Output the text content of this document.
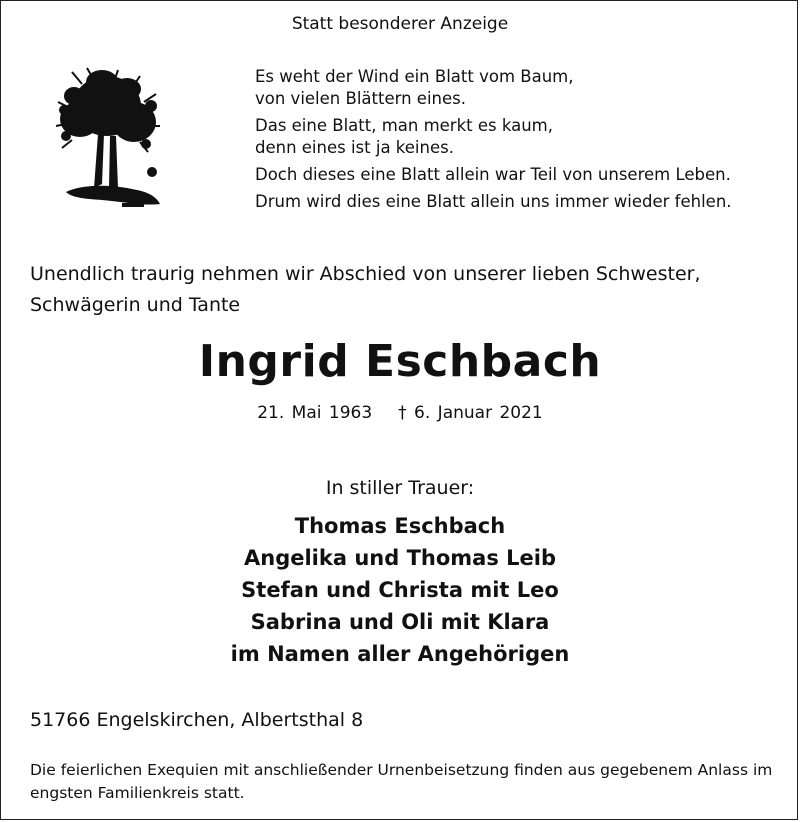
Statt besonderer Anzeige
Es weht der Wind ein Blatt vom Baum,
von vielen Blättern eines.
Das eine Blatt, man merkt es kaum,
denn eines ist ja keines.
Doch dieses eine Blatt allein war Teil von unserem Leben.
Drum wird dies eine Blatt allein uns immer wieder fehlen.
Unendlich traurig nehmen wir Abschied von unserer lieben Schwester, Schwägerin und Tante
Ingrid Eschbach
21. Mai 1963 † 6. Januar 2021
In stiller Trauer:
Thomas Eschbach
Angelika und Thomas Leib
Stefan und Christa mit Leo
Sabrina und Oli mit Klara
im Namen aller Angehörigen
51766 Engelskirchen, Albertsthal 8
Die feierlichen Exequien mit anschließender Urnenbeisetzung finden aus gegebenem Anlass im engsten Familienkreis statt.
